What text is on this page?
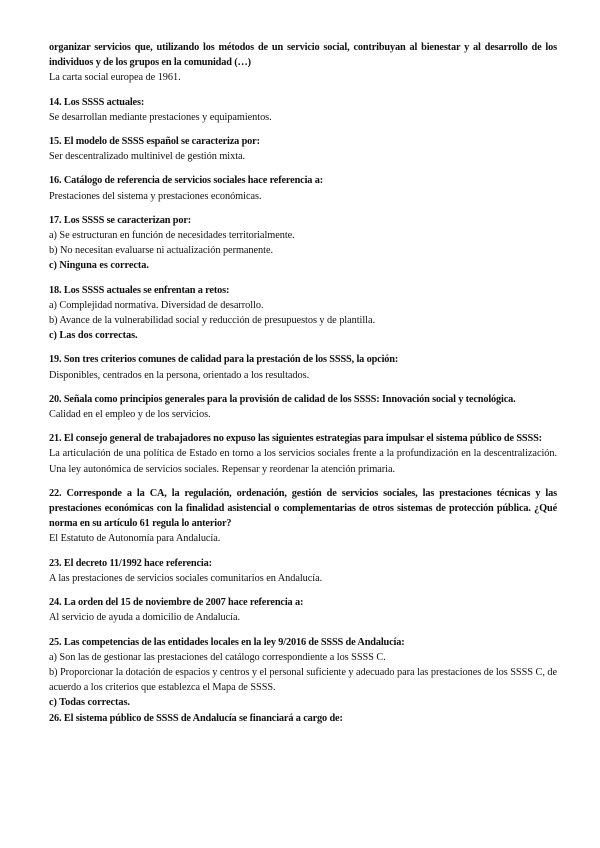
organizar servicios que, utilizando los métodos de un servicio social, contribuyan al bienestar y al desarrollo de los individuos y de los grupos en la comunidad (…)
La carta social europea de 1961.
14. Los SSSS actuales:
Se desarrollan mediante prestaciones y equipamientos.
15. El modelo de SSSS español se caracteriza por:
Ser descentralizado multinivel de gestión mixta.
16. Catálogo de referencia de servicios sociales hace referencia a:
Prestaciones del sistema y prestaciones económicas.
17. Los SSSS se caracterizan por:
a) Se estructuran en función de necesidades territorialmente.
b) No necesitan evaluarse ni actualización permanente.
c) Ninguna es correcta.
18. Los SSSS actuales se enfrentan a retos:
a) Complejidad normativa. Diversidad de desarrollo.
b) Avance de la vulnerabilidad social y reducción de presupuestos y de plantilla.
c) Las dos correctas.
19. Son tres criterios comunes de calidad para la prestación de los SSSS, la opción:
Disponibles, centrados en la persona, orientado a los resultados.
20. Señala como principios generales para la provisión de calidad de los SSSS: Innovación social y tecnológica.
Calidad en el empleo y de los servicios.
21. El consejo general de trabajadores no expuso las siguientes estrategias para impulsar el sistema público de SSSS:
La articulación de una política de Estado en torno a los servicios sociales frente a la profundización en la descentralización. Una ley autonómica de servicios sociales. Repensar y reordenar la atención primaria.
22. Corresponde a la CA, la regulación, ordenación, gestión de servicios sociales, las prestaciones técnicas y las prestaciones económicas con la finalidad asistencial o complementarias de otros sistemas de protección pública. ¿Qué norma en su artículo 61 regula lo anterior?
El Estatuto de Autonomía para Andalucía.
23. El decreto 11/1992 hace referencia:
A las prestaciones de servicios sociales comunitarios en Andalucía.
24. La orden del 15 de noviembre de 2007 hace referencia a:
Al servicio de ayuda a domicilio de Andalucía.
25. Las competencias de las entidades locales en la ley 9/2016 de SSSS de Andalucía:
a) Son las de gestionar las prestaciones del catálogo correspondiente a los SSSS C.
b) Proporcionar la dotación de espacios y centros y el personal suficiente y adecuado para las prestaciones de los SSSS C, de acuerdo a los criterios que establezca el Mapa de SSSS.
c) Todas correctas.
26. El sistema público de SSSS de Andalucía se financiará a cargo de:
